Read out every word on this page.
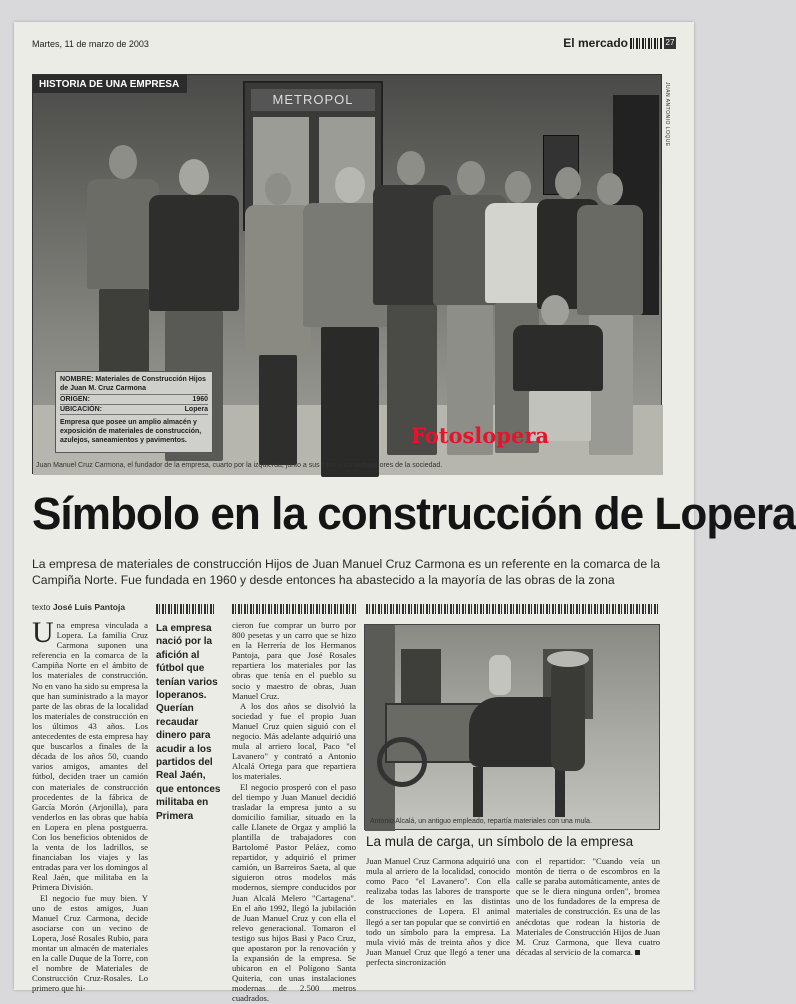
Martes, 11 de marzo de 2003	El mercado	27
JUAN ANTONIO LOQUE
HISTORIA DE UNA EMPRESA
METROPOL
NOMBRE: Materiales de Construcción Hijos de Juan M. Cruz Carmona
ORIGEN:	1960
UBICACIÓN:	Lopera
Empresa que posee un amplio almacén y exposición de materiales de construcción, azulejos, saneamientos y pavimentos.	Fotoslopera
Juan Manuel Cruz Carmona, el fundador de la empresa, cuarto por la izquierda, junto a sus hijos y los trabajadores de la sociedad.
Símbolo en la construcción de Lopera

La empresa de materiales de construcción Hijos de Juan Manuel Cruz Carmona es un referente en la comarca de la Campiña Norte. Fue fundada en 1960 y desde entonces ha abastecido a la mayoría de las obras de la zona

texto José Luis Pantoja
Una empresa vinculada a Lopera. La familia Cruz Carmona suponen una referencia en la comarca de la Campiña Norte en el ámbito de los materiales de construcción. No en vano ha sido su empresa la que han suministrado a la mayor parte de las obras de la localidad los materiales de construcción en los últimos 43 años. Los antecedentes de esta empresa hay que buscarlos a finales de la década de los años 50, cuando varios amigos, amantes del fútbol, deciden traer un camión con materiales de construcción procedentes de la fábrica de García Morón (Arjonilla), para venderlos en las obras que había en Lopera en plena postguerra. Con los beneficios obtenidos de la venta de los ladrillos, se financiaban los viajes y las entradas para ver los domingos al Real Jaén, que militaba en la Primera División.

El negocio fue muy bien. Y uno de estos amigos, Juan Manuel Cruz Carmona, decide asociarse con un vecino de Lopera, José Rosales Rubio, para montar un almacén de materiales en la calle Duque de la Torre, con el nombre de Materiales de Construcción Cruz-Rosales. Lo primero que hi-

La empresa nació por la afición al fútbol que tenían varios loperanos. Querían recaudar dinero para acudir a los partidos del Real Jaén, que entonces militaba en Primera

cieron fue comprar un burro por 800 pesetas y un carro que se hizo en la Herrería de los Hermanos Pantoja, para que José Rosales repartiera los materiales por las obras que tenía en el pueblo su socio y maestro de obras, Juan Manuel Cruz.

A los dos años se disolvió la sociedad y fue el propio Juan Manuel Cruz quien siguió con el negocio. Más adelante adquirió una mula al arriero local, Paco "el Lavanero" y contrató a Antonio Alcalá Ortega para que repartiera los materiales.

El negocio prosperó con el paso del tiempo y Juan Manuel decidió trasladar la empresa junto a su domicilio familiar, situado en la calle Llanete de Orgaz y amplió la plantilla de trabajadores con Bartolomé Pastor Peláez, como repartidor, y adquirió el primer camión, un Barreiros Saeta, al que siguieron otros modelos más modernos, siempre conducidos por Juan Alcalá Melero "Cartagena". En el año 1992, llegó la jubilación de Juan Manuel Cruz y con ella el relevo generacional. Tomaron el testigo sus hijos Basi y Paco Cruz, que apostaron por la renovación y la expansión de la empresa. Se ubicaron en el Polígono Santa Quiteria, con unas instalaciones modernas de 2.500 metros cuadrados.

Antonio Alcalá, un antiguo empleado, repartía materiales con una mula.
La mula de carga, un símbolo de la empresa
Juan Manuel Cruz Carmona adquirió una mula al arriero de la localidad, conocido como Paco "el Lavanero". Con ella realizaba todas las labores de transporte de los materiales en las distintas construcciones de Lopera. El animal llegó a ser tan popular que se convirtió en todo un símbolo para la empresa. La mula vivió más de treinta años y dice Juan Manuel Cruz que llegó a tener una perfecta sincronización
con el repartidor: "Cuando veía un montón de tierra o de escombros en la calle se paraba automáticamente, antes de que se le diera ninguna orden", bromea uno de los fundadores de la empresa de materiales de construcción. Es una de las anécdotas que rodean la historia de Materiales de Construcción Hijos de Juan M. Cruz Carmona, que lleva cuatro décadas al servicio de la comarca.
